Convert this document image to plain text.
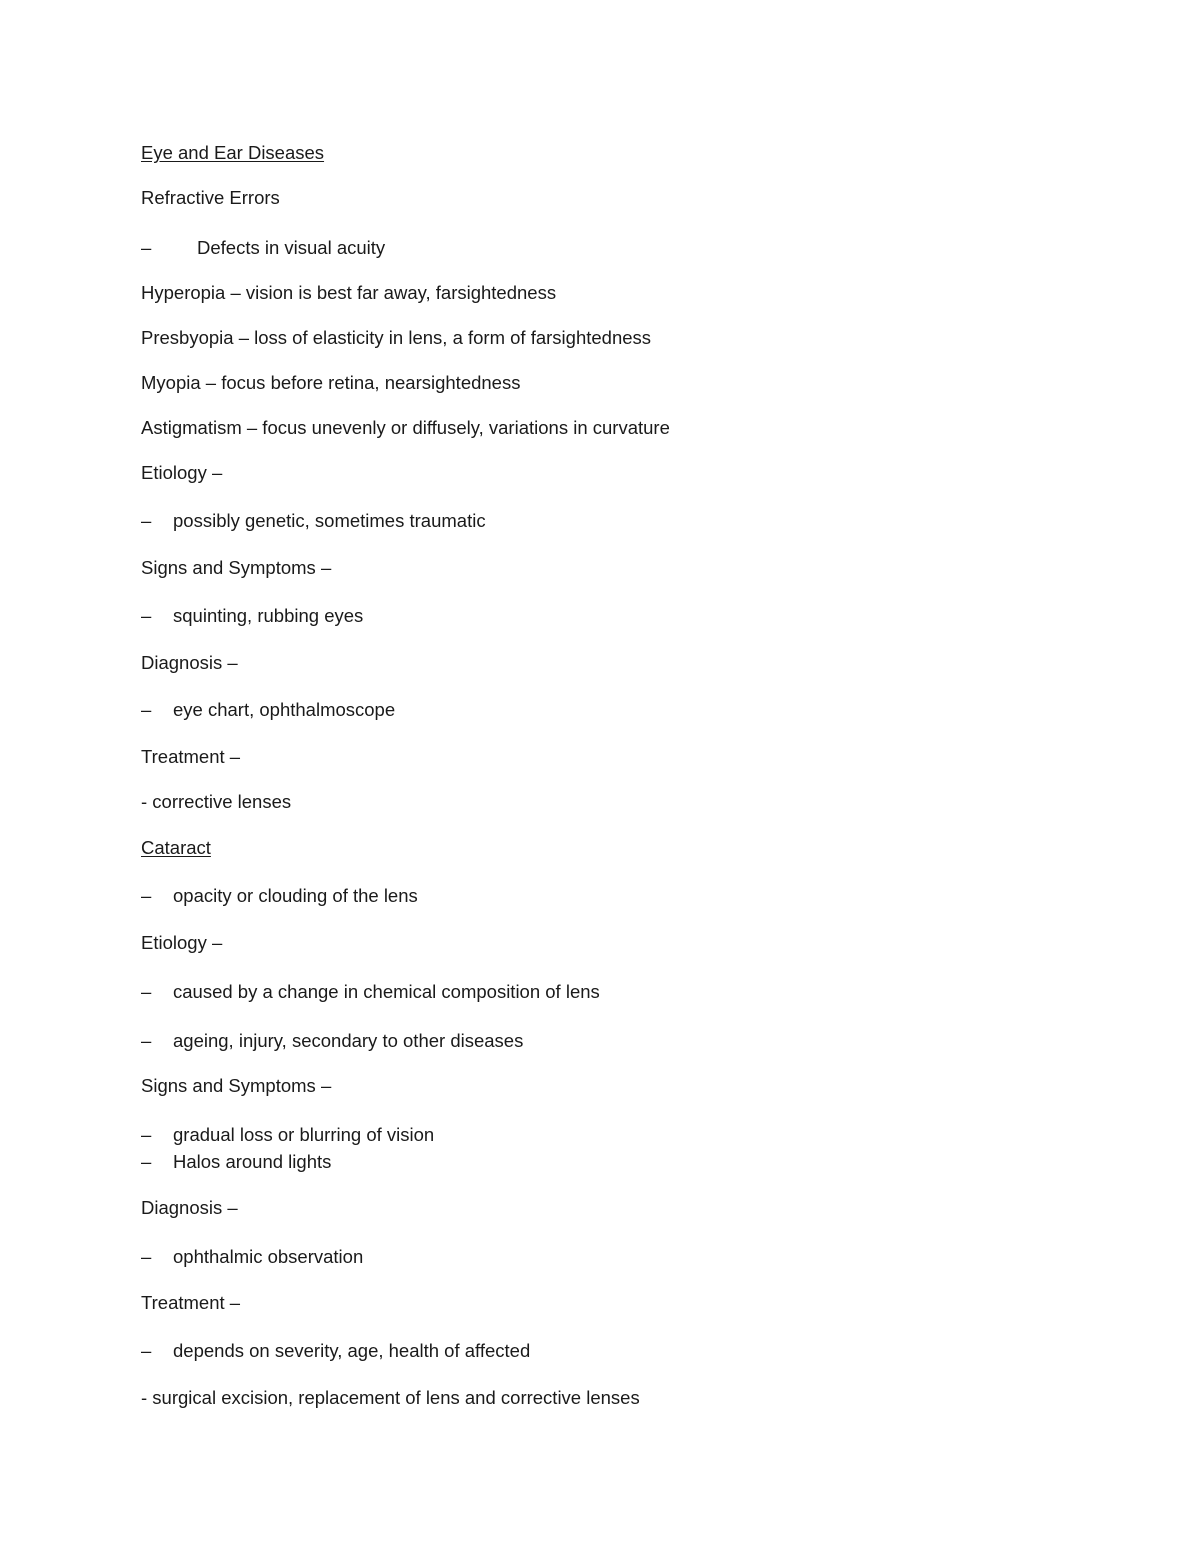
Eye and Ear Diseases
Refractive Errors
– Defects in visual acuity
Hyperopia – vision is best far away, farsightedness
Presbyopia – loss of elasticity in lens, a form of farsightedness
Myopia – focus before retina, nearsightedness
Astigmatism – focus unevenly or diffusely, variations in curvature
Etiology –
– possibly genetic, sometimes traumatic
Signs and Symptoms –
– squinting, rubbing eyes
Diagnosis –
– eye chart, ophthalmoscope
Treatment –
- corrective lenses
Cataract
– opacity or clouding of the lens
Etiology –
– caused by a change in chemical composition of lens
– ageing, injury, secondary to other diseases
Signs and Symptoms –
– gradual loss or blurring of vision
– Halos around lights
Diagnosis –
– ophthalmic observation
Treatment –
– depends on severity, age, health of affected
- surgical excision, replacement of lens and corrective lenses
